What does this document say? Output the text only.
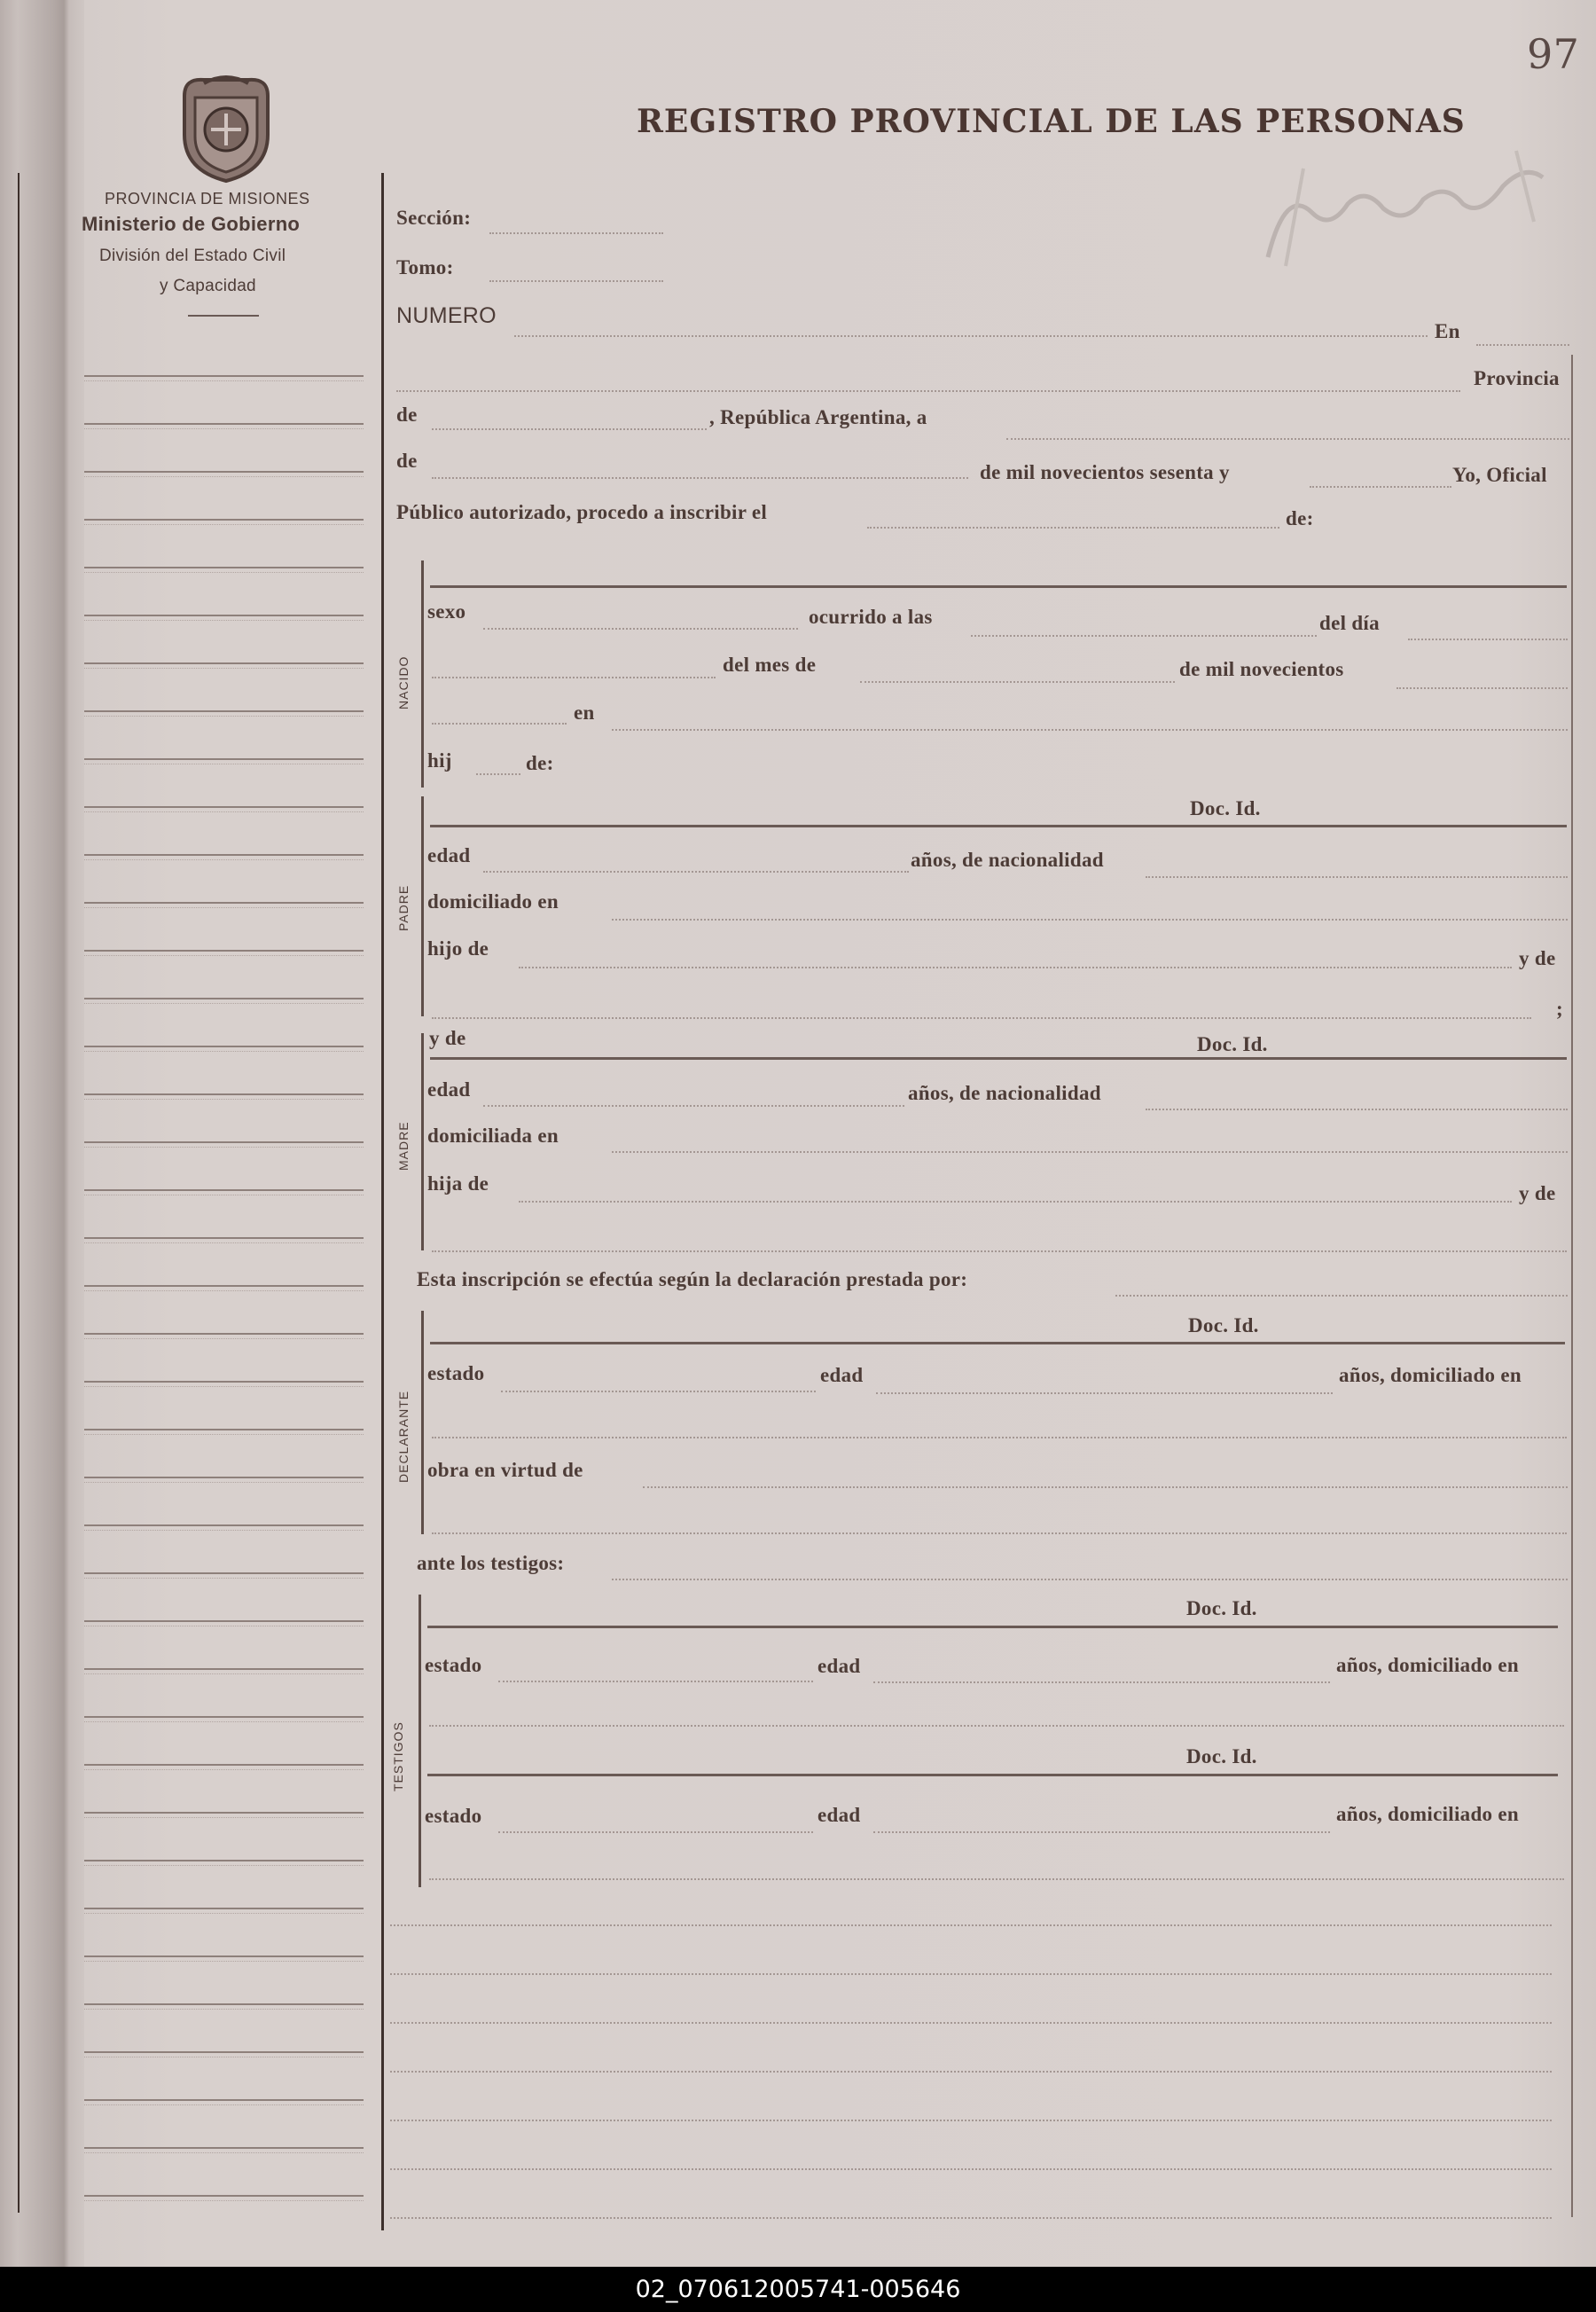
97
PROVINCIA DE MISIONES
Ministerio de Gobierno
División del Estado Civil
y Capacidad
REGISTRO PROVINCIAL DE LAS PERSONAS
Sección:
Tomo:
NUMERO
En
Provincia
de	, República Argentina, a
de
de mil novecientos sesenta y	Yo, Oficial
Público autorizado, procedo a inscribir el	de:
NACIDO
sexo	ocurrido a las	del día
del mes de	de mil novecientos
en
hij	de:
PADRE
Doc. Id.
edad	años, de nacionalidad
domiciliado en
hijo de	y de
;
MADRE
y de	Doc. Id.
edad	años, de nacionalidad
domiciliada en
hija de	y de
Esta inscripción se efectúa según la declaración prestada por:
DECLARANTE
Doc. Id.
estado	edad	años, domiciliado en
obra en virtud de
ante los testigos:
TESTIGOS
Doc. Id.
estado	edad	años, domiciliado en
Doc. Id.
estado	edad	años, domiciliado en
02_070612005741-005646
